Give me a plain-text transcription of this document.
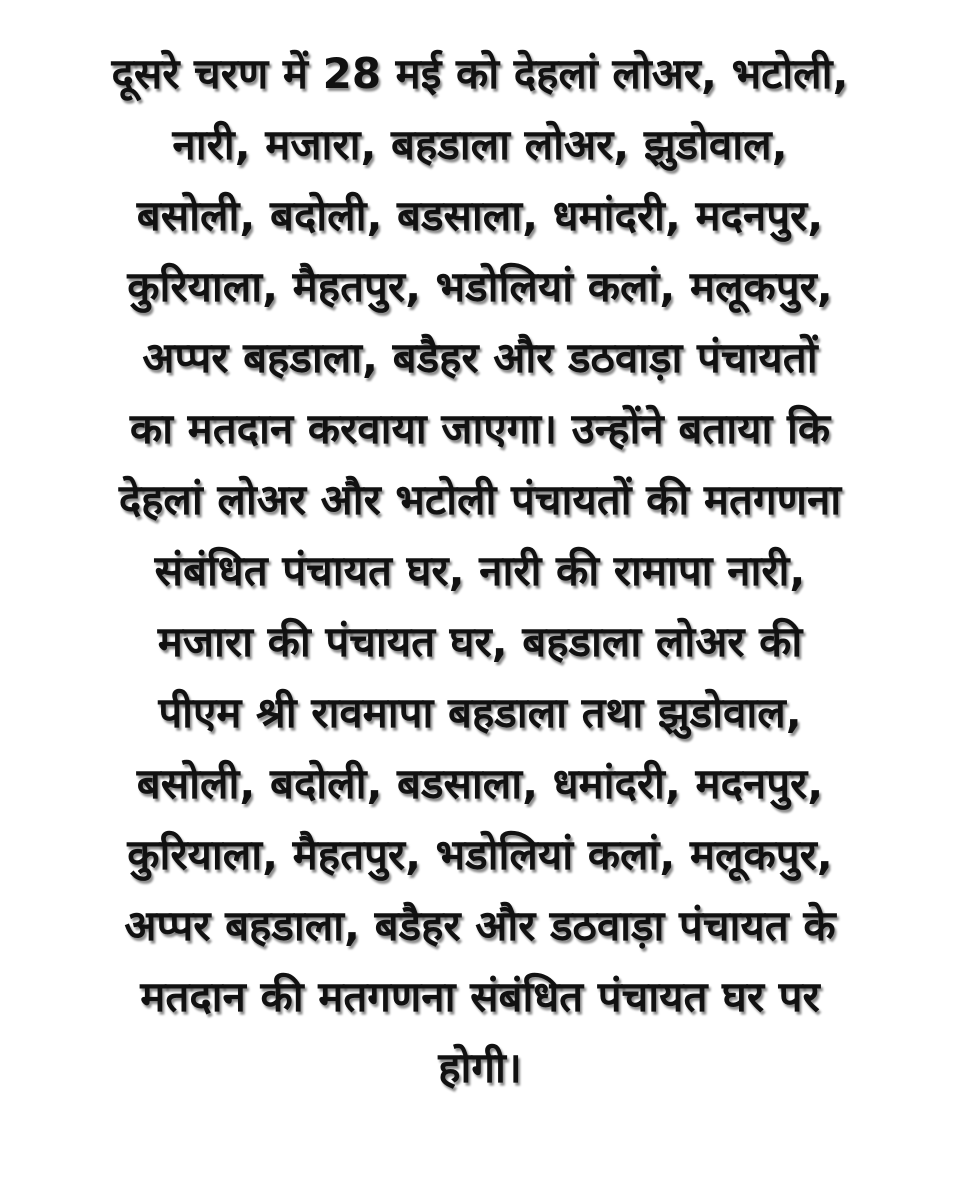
दूसरे चरण में 28 मई को देहलां लोअर, भटोली,
नारी, मजारा, बहडाला लोअर, झुडोवाल,
बसोली, बदोली, बडसाला, धमांदरी, मदनपुर,
कुरियाला, मैहतपुर, भडोलियां कलां, मलूकपुर,
अप्पर बहडाला, बडैहर और डठवाड़ा पंचायतों
का मतदान करवाया जाएगा। उन्होंने बताया कि
देहलां लोअर और भटोली पंचायतों की मतगणना
संबंधित पंचायत घर, नारी की रामापा नारी,
मजारा की पंचायत घर, बहडाला लोअर की
पीएम श्री रावमापा बहडाला तथा झुडोवाल,
बसोली, बदोली, बडसाला, धमांदरी, मदनपुर,
कुरियाला, मैहतपुर, भडोलियां कलां, मलूकपुर,
अप्पर बहडाला, बडैहर और डठवाड़ा पंचायत के
मतदान की मतगणना संबंधित पंचायत घर पर
होगी।
